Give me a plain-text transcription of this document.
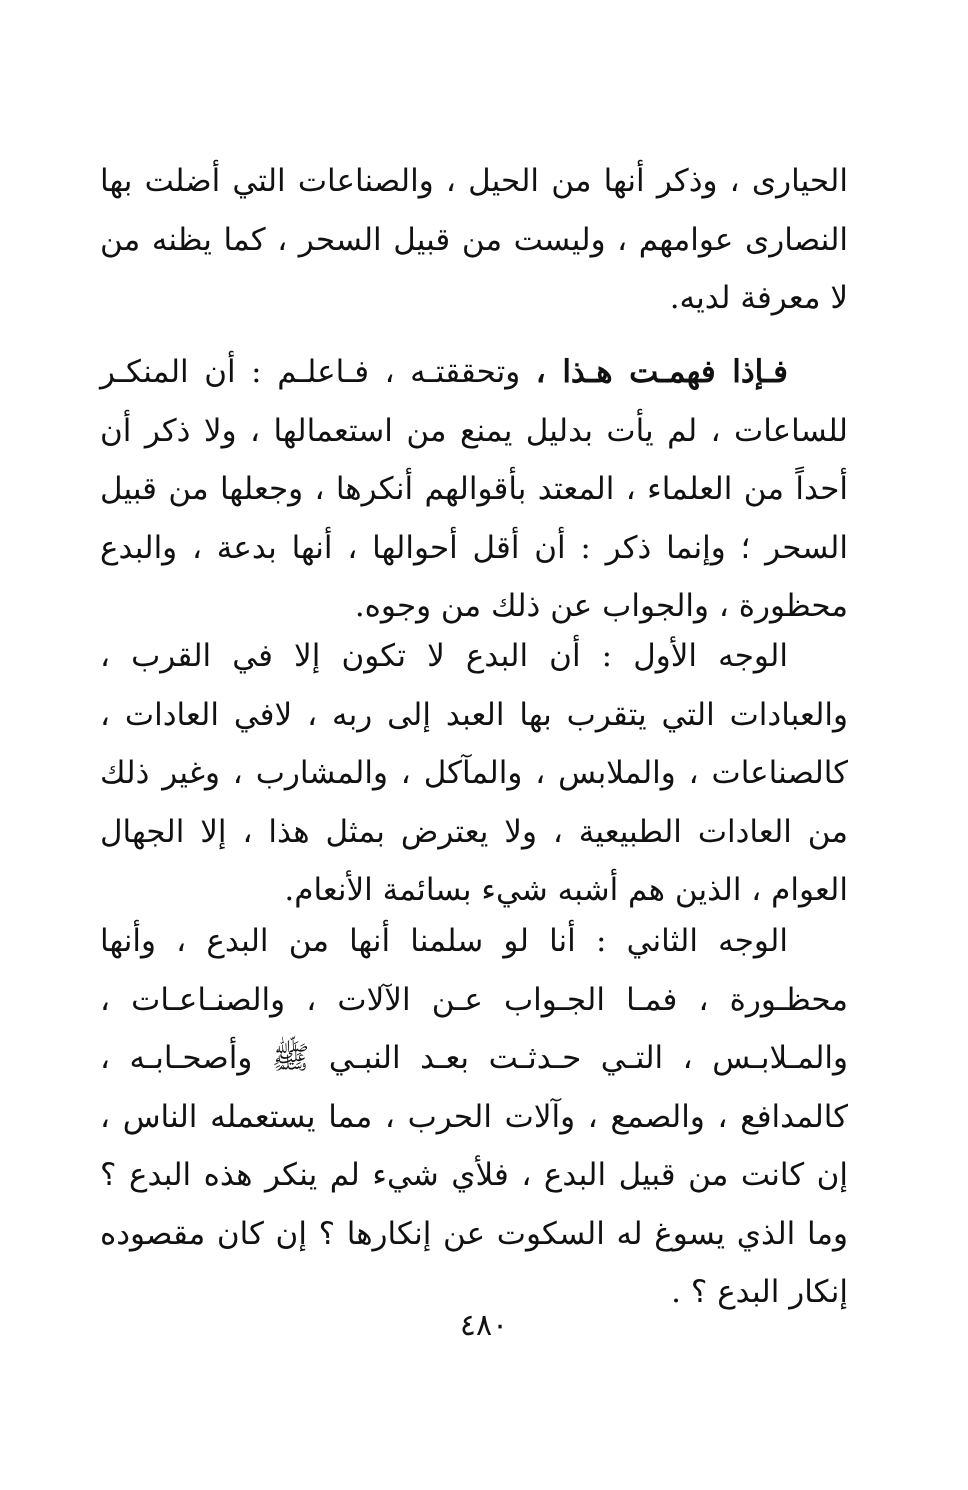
الحيارى ، وذكر أنها من الحيل ، والصناعات التي أضلت بها النصارى عوامهم ، وليست من قبيل السحر ، كما يظنه من لا معرفة لديه.

فـإذا فهمـت هـذا ، وتحققتـه ، فـاعلـم : أن المنكـر للساعات ، لم يأت بدليل يمنع من استعمالها ، ولا ذكر أن أحداً من العلماء ، المعتد بأقوالهم أنكرها ، وجعلها من قبيل السحر ؛ وإنما ذكر : أن أقل أحوالها ، أنها بدعة ، والبدع محظورة ، والجواب عن ذلك من وجوه.

الوجه الأول : أن البدع لا تكون إلا في القرب ، والعبادات التي يتقرب بها العبد إلى ربه ، لافي العادات ، كالصناعات ، والملابس ، والمآكل ، والمشارب ، وغير ذلك من العادات الطبيعية ، ولا يعترض بمثل هذا ، إلا الجهال العوام ، الذين هم أشبه شيء بسائمة الأنعام.

الوجه الثاني : أنا لو سلمنا أنها من البدع ، وأنها محظـورة ، فمـا الجـواب عـن الآلات ، والصنـاعـات ، والمـلابـس ، التـي حـدثـت بعـد النبـي ﷺ وأصحـابـه ، كالمدافع ، والصمع ، وآلات الحرب ، مما يستعمله الناس ، إن كانت من قبيل البدع ، فلأي شيء لم ينكر هذه البدع ؟ وما الذي يسوغ له السكوت عن إنكارها ؟ إن كان مقصوده إنكار البدع ؟ .

٤٨٠
